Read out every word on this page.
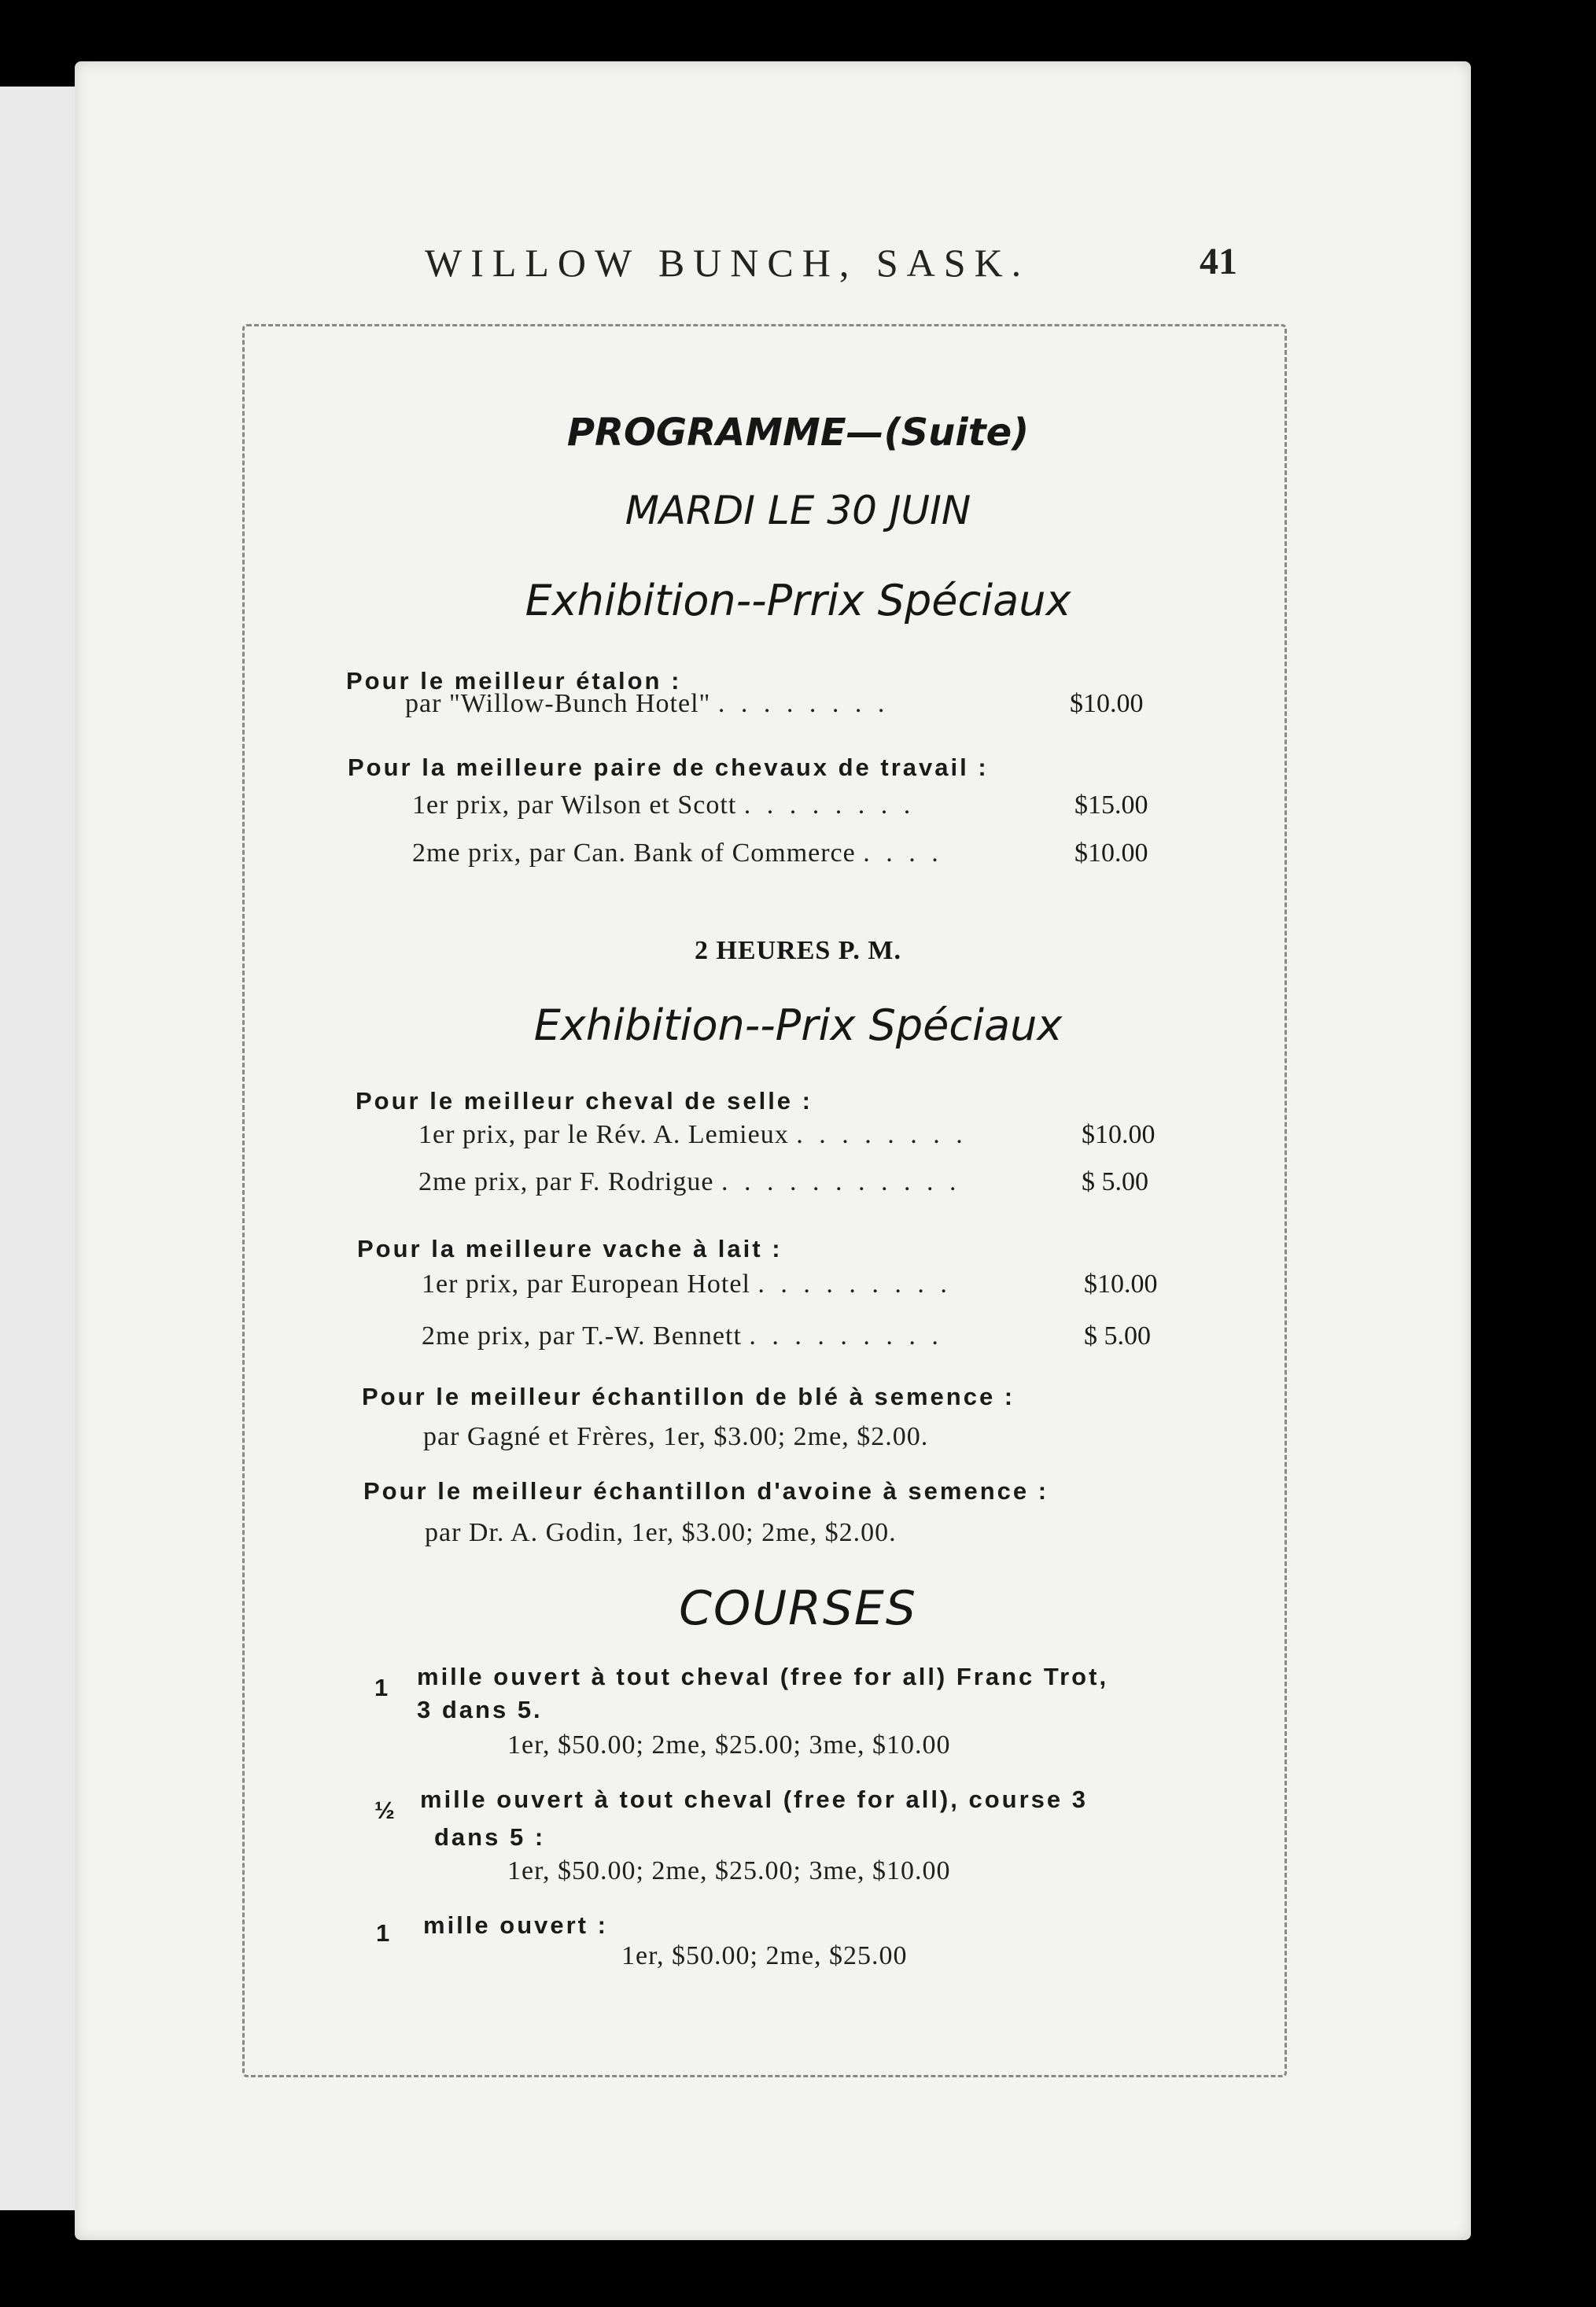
WILLOW BUNCH, SASK.	41
PROGRAMME—(Suite)
MARDI LE 30 JUIN
Exhibition--Prrix Spéciaux
Pour le meilleur étalon :
par "Willow-Bunch Hotel" . . . . . . . .	$10.00
Pour la meilleure paire de chevaux de travail :
1er prix, par Wilson et Scott . . . . . . . .	$15.00
2me prix, par Can. Bank of Commerce . . . .	$10.00
2 HEURES P. M.
Exhibition--Prix Spéciaux
Pour le meilleur cheval de selle :
1er prix, par le Rév. A. Lemieux . . . . . . . .	$10.00
2me prix, par F. Rodrigue . . . . . . . . . . .	$ 5.00
Pour la meilleure vache à lait :
1er prix, par European Hotel . . . . . . . . .	$10.00
2me prix, par T.-W. Bennett . . . . . . . . .	$ 5.00
Pour le meilleur échantillon de blé à semence :
par Gagné et Frères, 1er, $3.00; 2me, $2.00.
Pour le meilleur échantillon d'avoine à semence :
par Dr. A. Godin, 1er, $3.00; 2me, $2.00.
COURSES
1 mille ouvert à tout cheval (free for all) Franc Trot,
3 dans 5.
1er, $50.00; 2me, $25.00; 3me, $10.00
½ mille ouvert à tout cheval (free for all), course 3
dans 5 :
1er, $50.00; 2me, $25.00; 3me, $10.00
1 mille ouvert :
1er, $50.00; 2me, $25.00
